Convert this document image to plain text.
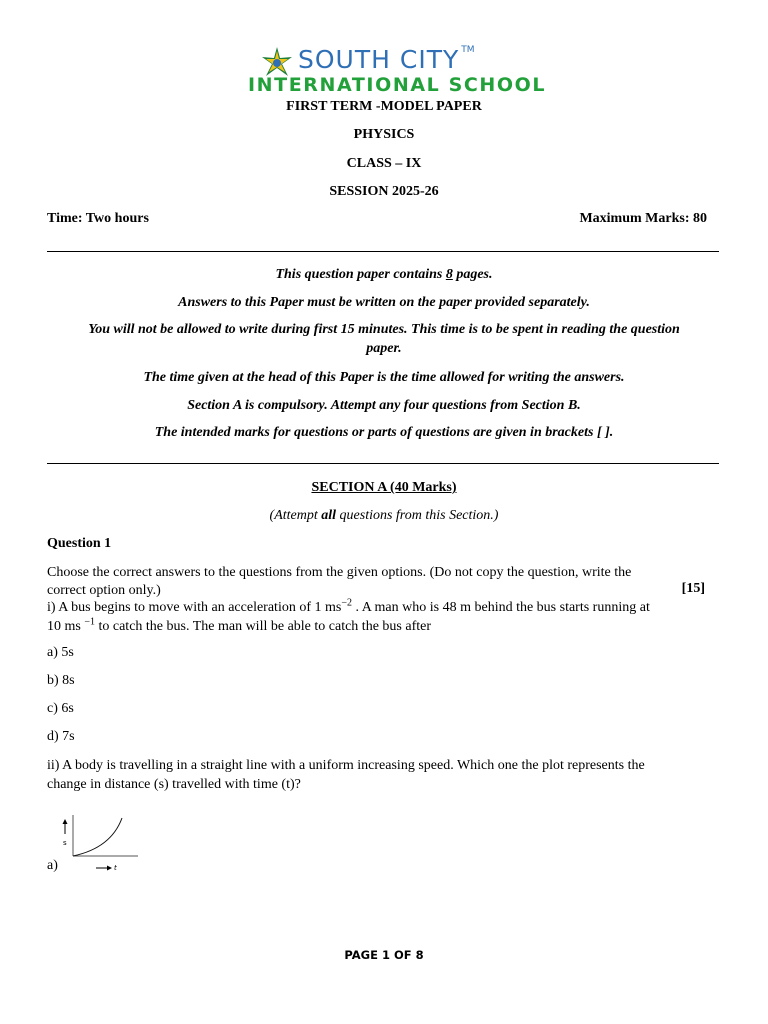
SOUTH CITY ™
INTERNATIONAL SCHOOL
FIRST TERM -MODEL PAPER
PHYSICS
CLASS – IX
SESSION 2025-26
Time: Two hours	Maximum Marks: 80
This question paper contains 8 pages.
Answers to this Paper must be written on the paper provided separately.
You will not be allowed to write during first 15 minutes. This time is to be spent in reading the question
paper.
The time given at the head of this Paper is the time allowed for writing the answers.
Section A is compulsory. Attempt any four questions from Section B.
The intended marks for questions or parts of questions are given in brackets [ ].
SECTION A (40 Marks)
(Attempt all questions from this Section.)
Question 1
Choose the correct answers to the questions from the given options. (Do not copy the question, write the
correct option only.)	[15]
i) A bus begins to move with an acceleration of 1 $ms^{-2}$ . A man who is 48 m behind the bus starts running at
10 ms $^{-1}$ to catch the bus. The man will be able to catch the bus after
a) 5s
b) 8s
c) 6s
d) 7s
ii) A body is travelling in a straight line with a uniform increasing speed. Which one the plot represents the
change in distance (s) travelled with time (t)?
s
t
a)
PAGE 1 OF 8
